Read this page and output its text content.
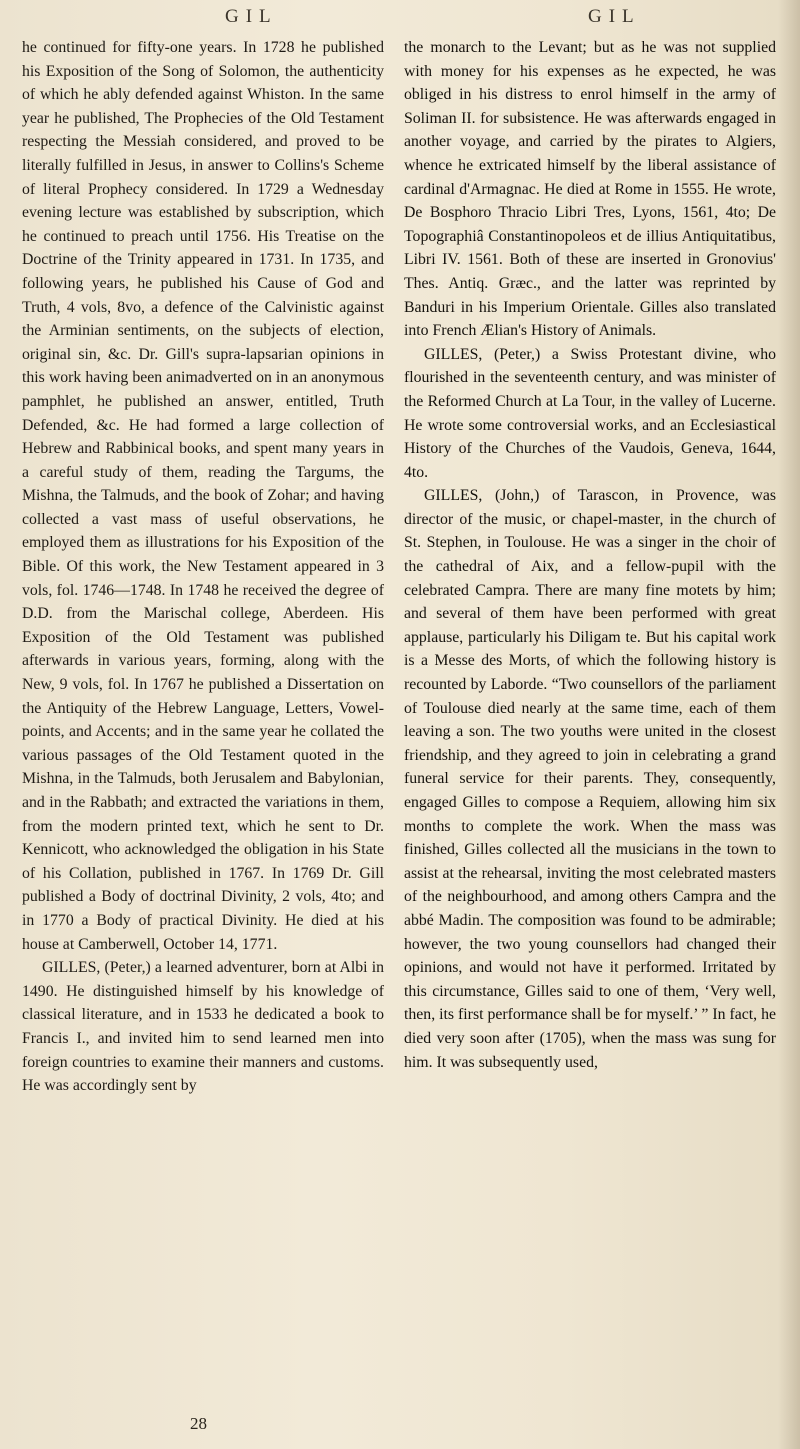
GIL	GIL

he continued for fifty-one years. In 1728 he published his Exposition of the Song of Solomon, the authenticity of which he ably defended against Whiston. In the same year he published, The Prophecies of the Old Testament respecting the Messiah considered, and proved to be literally fulfilled in Jesus, in answer to Collins's Scheme of literal Prophecy considered. In 1729 a Wednesday evening lecture was established by subscription, which he continued to preach until 1756. His Treatise on the Doctrine of the Trinity appeared in 1731. In 1735, and following years, he published his Cause of God and Truth, 4 vols, 8vo, a defence of the Calvinistic against the Arminian sentiments, on the subjects of election, original sin, &c. Dr. Gill's supra-lapsarian opinions in this work having been animadverted on in an anonymous pamphlet, he published an answer, entitled, Truth Defended, &c. He had formed a large collection of Hebrew and Rabbinical books, and spent many years in a careful study of them, reading the Targums, the Mishna, the Talmuds, and the book of Zohar; and having collected a vast mass of useful observations, he employed them as illustrations for his Exposition of the Bible. Of this work, the New Testament appeared in 3 vols, fol. 1746—1748. In 1748 he received the degree of D.D. from the Marischal college, Aberdeen. His Exposition of the Old Testament was published afterwards in various years, forming, along with the New, 9 vols, fol. In 1767 he published a Dissertation on the Antiquity of the Hebrew Language, Letters, Vowel-points, and Accents; and in the same year he collated the various passages of the Old Testament quoted in the Mishna, in the Talmuds, both Jerusalem and Babylonian, and in the Rabbath; and extracted the variations in them, from the modern printed text, which he sent to Dr. Kennicott, who acknowledged the obligation in his State of his Collation, published in 1767. In 1769 Dr. Gill published a Body of doctrinal Divinity, 2 vols, 4to; and in 1770 a Body of practical Divinity. He died at his house at Camberwell, October 14, 1771.

GILLES, (Peter,) a learned adventurer, born at Albi in 1490. He distinguished himself by his knowledge of classical literature, and in 1533 he dedicated a book to Francis I., and invited him to send learned men into foreign countries to examine their manners and customs. He was accordingly sent by

the monarch to the Levant; but as he was not supplied with money for his expenses as he expected, he was obliged in his distress to enrol himself in the army of Soliman II. for subsistence. He was afterwards engaged in another voyage, and carried by the pirates to Algiers, whence he extricated himself by the liberal assistance of cardinal d'Armagnac. He died at Rome in 1555. He wrote, De Bosphoro Thracio Libri Tres, Lyons, 1561, 4to; De Topographiâ Constantinopoleos et de illius Antiquitatibus, Libri IV. 1561. Both of these are inserted in Gronovius' Thes. Antiq. Græc., and the latter was reprinted by Banduri in his Imperium Orientale. Gilles also translated into French Ælian's History of Animals.

GILLES, (Peter,) a Swiss Protestant divine, who flourished in the seventeenth century, and was minister of the Reformed Church at La Tour, in the valley of Lucerne. He wrote some controversial works, and an Ecclesiastical History of the Churches of the Vaudois, Geneva, 1644, 4to.

GILLES, (John,) of Tarascon, in Provence, was director of the music, or chapel-master, in the church of St. Stephen, in Toulouse. He was a singer in the choir of the cathedral of Aix, and a fellow-pupil with the celebrated Campra. There are many fine motets by him; and several of them have been performed with great applause, particularly his Diligam te. But his capital work is a Messe des Morts, of which the following history is recounted by Laborde. “Two counsellors of the parliament of Toulouse died nearly at the same time, each of them leaving a son. The two youths were united in the closest friendship, and they agreed to join in celebrating a grand funeral service for their parents. They, consequently, engaged Gilles to compose a Requiem, allowing him six months to complete the work. When the mass was finished, Gilles collected all the musicians in the town to assist at the rehearsal, inviting the most celebrated masters of the neighbourhood, and among others Campra and the abbé Madin. The composition was found to be admirable; however, the two young counsellors had changed their opinions, and would not have it performed. Irritated by this circumstance, Gilles said to one of them, ‘Very well, then, its first performance shall be for myself.’ ” In fact, he died very soon after (1705), when the mass was sung for him. It was subsequently used,

28
